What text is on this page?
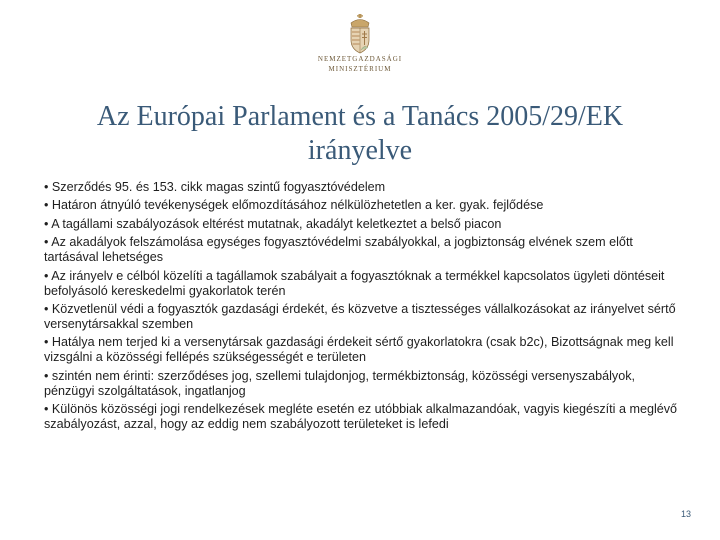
NEMZETGAZDASÁGI
MINISZTÉRIUM
Az Európai Parlament és a Tanács 2005/29/EK
irányelve
• Szerződés 95. és 153. cikk magas szintű fogyasztóvédelem
• Határon átnyúló tevékenységek előmozdításához nélkülözhetetlen a ker. gyak. fejlődése
• A tagállami szabályozások eltérést mutatnak, akadályt keletkeztet a belső piacon
• Az akadályok felszámolása egységes fogyasztóvédelmi szabályokkal, a jogbiztonság elvének szem előtt tartásával lehetséges
• Az irányelv e célból közelíti a tagállamok szabályait a fogyasztóknak a termékkel kapcsolatos ügyleti döntéseit befolyásoló kereskedelmi gyakorlatok terén
• Közvetlenül védi a fogyasztók gazdasági érdekét, és közvetve a tisztességes vállalkozásokat az irányelvet sértő versenytársakkal szemben
• Hatálya nem terjed ki a versenytársak gazdasági érdekeit sértő gyakorlatokra (csak b2c), Bizottságnak meg kell vizsgálni a közösségi fellépés szükségességét e területen
• szintén nem érinti: szerződéses jog, szellemi tulajdonjog, termékbiztonság, közösségi versenyszabályok, pénzügyi szolgáltatások, ingatlanjog
• Különös közösségi jogi rendelkezések megléte esetén ez utóbbiak alkalmazandóak, vagyis kiegészíti a meglévő szabályozást, azzal, hogy az eddig nem szabályozott területeket is lefedi
13
